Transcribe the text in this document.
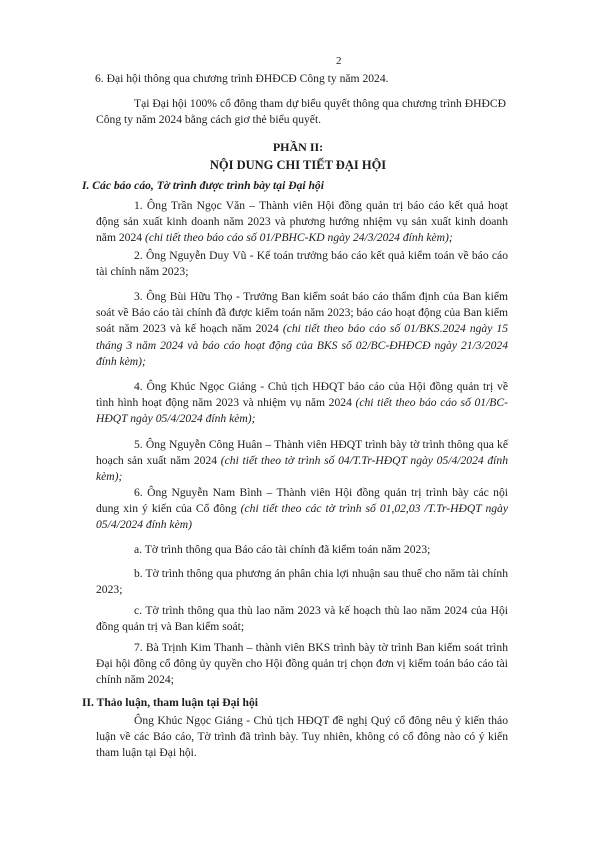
2
6. Đại hội thông qua chương trình ĐHĐCĐ Công ty năm 2024.
Tại Đại hội 100% cổ đông tham dự biểu quyết thông qua chương trình ĐHĐCĐ Công ty năm 2024 bằng cách giơ thẻ biểu quyết.
PHẦN II:
NỘI DUNG CHI TIẾT ĐẠI HỘI
I. Các báo cáo, Tờ trình được trình bày tại Đại hội
1. Ông Trần Ngọc Văn – Thành viên Hội đồng quản trị báo cáo kết quả hoạt động sản xuất kinh doanh năm 2023 và phương hướng nhiệm vụ sản xuất kinh doanh năm 2024 (chi tiết theo báo cáo số 01/PBHC-KD ngày 24/3/2024 đính kèm);
2. Ông Nguyễn Duy Vũ - Kế toán trưởng báo cáo kết quả kiểm toán về báo cáo tài chính năm 2023;
3. Ông Bùi Hữu Thọ - Trưởng Ban kiểm soát báo cáo thẩm định của Ban kiểm soát về Báo cáo tài chính đã được kiểm toán năm 2023; báo cáo hoạt động của Ban kiểm soát năm 2023 và kế hoạch năm 2024 (chi tiết theo báo cáo số 01/BKS.2024 ngày 15 tháng 3 năm 2024 và báo cáo hoạt động của BKS số 02/BC-ĐHĐCĐ ngày 21/3/2024 đính kèm);
4. Ông Khúc Ngọc Giáng - Chủ tịch HĐQT báo cáo của Hội đồng quản trị về tình hình hoạt động năm 2023 và nhiệm vụ năm 2024 (chi tiết theo báo cáo số 01/BC-HĐQT ngày 05/4/2024 đính kèm);
5. Ông Nguyễn Công Huân – Thành viên HĐQT trình bày tờ trình thông qua kế hoạch sản xuất năm 2024 (chi tiết theo tờ trình số 04/T.Tr-HĐQT ngày 05/4/2024 đính kèm);
6. Ông Nguyễn Nam Bình – Thành viên Hội đồng quản trị trình bày các nội dung xin ý kiến của Cổ đông (chi tiết theo các tờ trình số 01,02,03 /T.Tr-HĐQT ngày 05/4/2024 đính kèm)
a. Tờ trình thông qua Báo cáo tài chính đã kiểm toán năm 2023;
b. Tờ trình thông qua phương án phân chia lợi nhuận sau thuế cho năm tài chính 2023;
c. Tờ trình thông qua thù lao năm 2023 và kế hoạch thù lao năm 2024 của Hội đồng quản trị và Ban kiểm soát;
7. Bà Trịnh Kim Thanh – thành viên BKS trình bày tờ trình Ban kiểm soát trình Đại hội đồng cổ đông ủy quyền cho Hội đồng quản trị chọn đơn vị kiểm toán báo cáo tài chính năm 2024;
II. Thảo luận, tham luận tại Đại hội
Ông Khúc Ngọc Giáng - Chủ tịch HĐQT đề nghị Quý cổ đông nêu ý kiến thảo luận về các Báo cáo, Tờ trình đã trình bày. Tuy nhiên, không có cổ đông nào có ý kiến tham luận tại Đại hội.
